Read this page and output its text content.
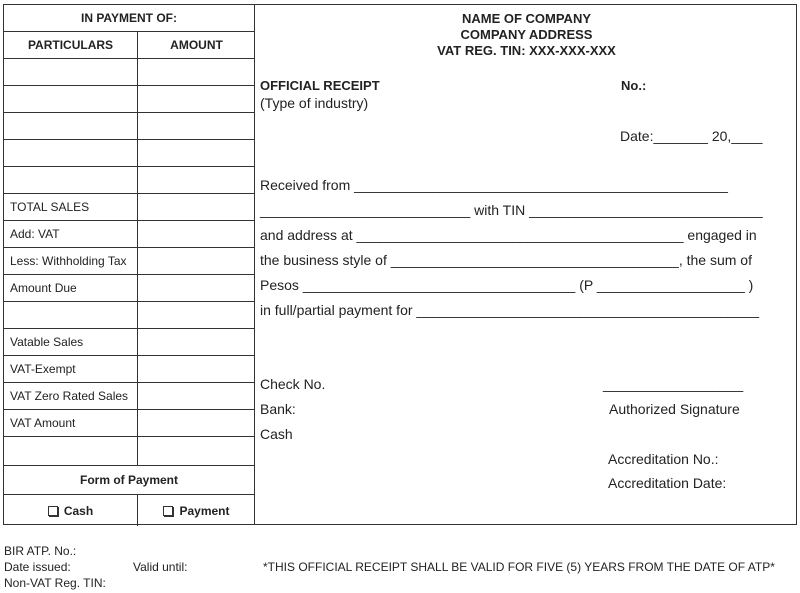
IN PAYMENT OF:
PARTICULARS	AMOUNT
TOTAL SALES
Add: VAT
Less: Withholding Tax
Amount Due
Vatable Sales
VAT-Exempt
VAT Zero Rated Sales
VAT Amount
Form of Payment
Cash	Payment
NAME OF COMPANY
COMPANY ADDRESS
VAT REG. TIN: XXX-XXX-XXX
OFFICIAL RECEIPT
(Type of industry)
No.:
Date:_______ 20,____
Received from ________________________________________________
___________________________ with TIN ______________________________
and address at __________________________________________ engaged in
the business style of _____________________________________, the sum of
Pesos ___________________________________ (P ___________________ )
in full/partial payment for ____________________________________________
Check No.
Bank:
Cash
__________________
Authorized Signature
Accreditation No.:
Accreditation Date:
BIR ATP. No.:
Date issued:	Valid until:
Non-VAT Reg. TIN:
*THIS OFFICIAL RECEIPT SHALL BE VALID FOR FIVE (5) YEARS FROM THE DATE OF ATP*
